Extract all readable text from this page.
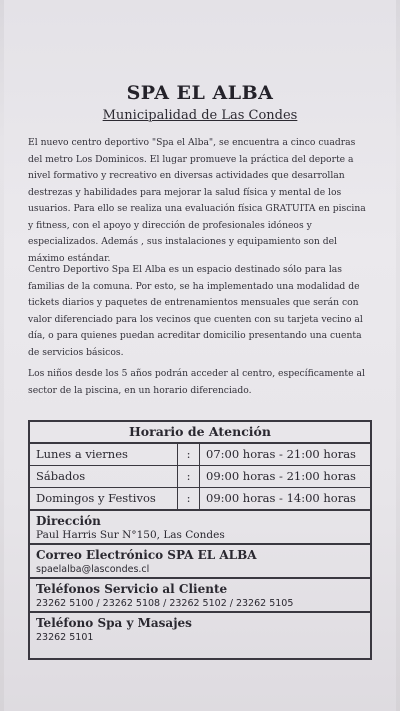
SPA EL ALBA
Municipalidad de Las Condes
El nuevo centro deportivo "Spa el Alba", se encuentra a cinco cuadras del metro Los Dominicos. El lugar promueve la práctica del deporte a nivel formativo y recreativo en diversas actividades que desarrollan destrezas y habilidades para mejorar la salud física y mental de los usuarios. Para ello se realiza una evaluación física GRATUITA en piscina y fitness, con el apoyo y dirección de profesionales idóneos y especializados. Además , sus instalaciones y equipamiento son del máximo estándar.
Centro Deportivo Spa El Alba es un espacio destinado sólo para las familias de la comuna. Por esto, se ha implementado una modalidad de tickets diarios y paquetes de entrenamientos mensuales que serán con valor diferenciado para los vecinos que cuenten con su tarjeta vecino al día, o para quienes puedan acreditar domicilio presentando una cuenta de servicios básicos.
Los niños desde los 5 años podrán acceder al centro, específicamente al sector de la piscina, en un horario diferenciado.
Horario de Atención
Lunes a viernes	:	07:00 horas - 21:00 horas
Sábados	:	09:00 horas - 21:00 horas
Domingos y Festivos	:	09:00 horas - 14:00 horas
Dirección
Paul Harris Sur N°150, Las Condes
Correo Electrónico SPA EL ALBA
spaelalba@lascondes.cl
Teléfonos Servicio al Cliente
23262 5100 / 23262 5108 / 23262 5102 / 23262 5105
Teléfono Spa y Masajes
23262 5101
